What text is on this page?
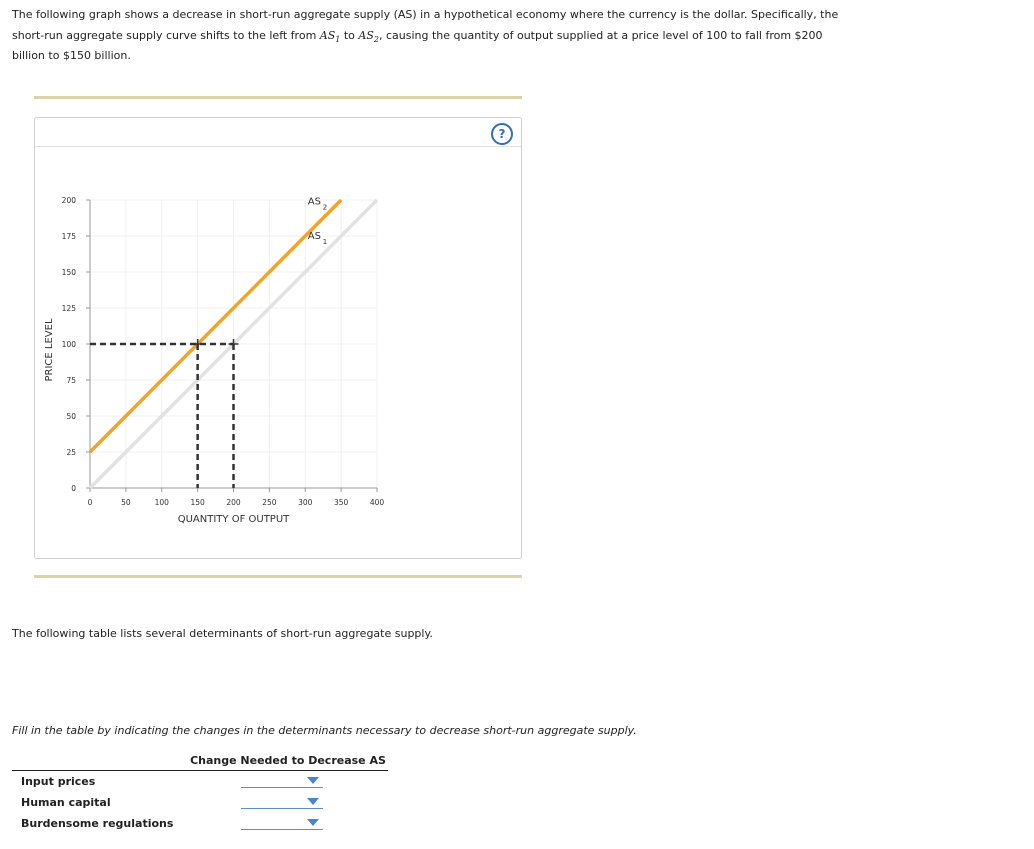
The following graph shows a decrease in short-run aggregate supply (AS) in a hypothetical economy where the currency is the dollar. Specifically, the
short-run aggregate supply curve shifts to the left from $AS_1$ to $AS_2$, causing the quantity of output supplied at a price level of 100 to fall from $200
billion to $150 billion.
?
0
25
50
75
100
125
150
175
200
0	50	100	150	200	250	300	350	400
QUANTITY OF OUTPUT
PRICE LEVEL
AS 2
AS 1
The following table lists several determinants of short-run aggregate supply.
Fill in the table by indicating the changes in the determinants necessary to decrease short-run aggregate supply.
Change Needed to Decrease AS
Input prices
Human capital
Burdensome regulations
